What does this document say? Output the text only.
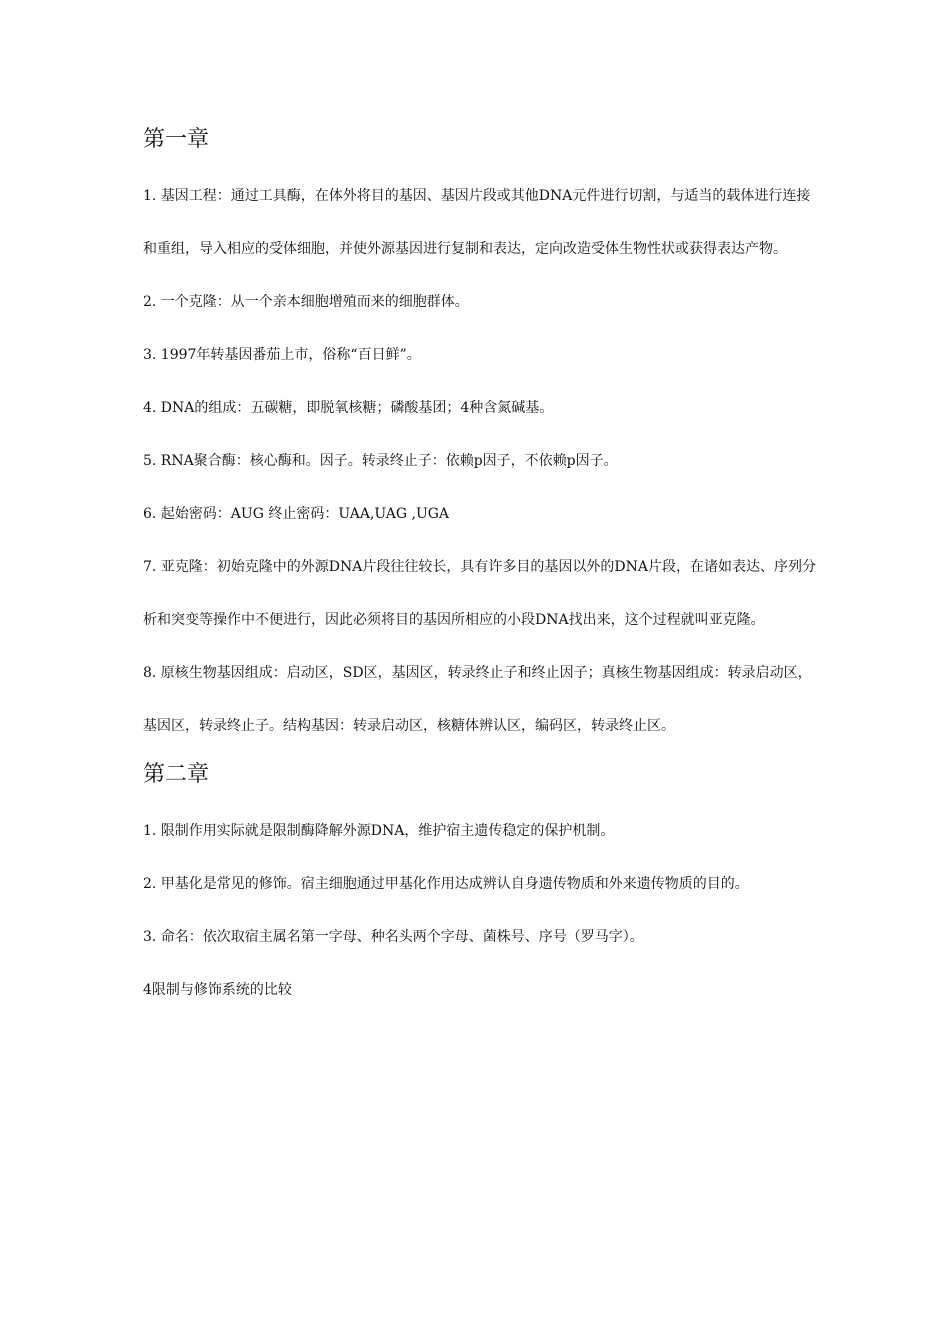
第一章

1. 基因工程：通过工具酶，在体外将目的基因、基因片段或其他DNA元件进行切割，与适当的载体进行连接和重组，导入相应的受体细胞，并使外源基因进行复制和表达，定向改造受体生物性状或获得表达产物。

2. 一个克隆：从一个亲本细胞增殖而来的细胞群体。

3. 1997年转基因番茄上市，俗称“百日鲜”。

4. DNA的组成：五碳糖，即脱氧核糖；磷酸基团；4种含氮碱基。

5. RNA聚合酶：核心酶和。因子。转录终止子：依赖p因子，不依赖p因子。

6. 起始密码：AUG 终止密码：UAA,UAG ,UGA

7. 亚克隆：初始克隆中的外源DNA片段往往较长，具有许多目的基因以外的DNA片段，在诸如表达、序列分析和突变等操作中不便进行，因此必须将目的基因所相应的小段DNA找出来，这个过程就叫亚克隆。

8. 原核生物基因组成：启动区，SD区，基因区，转录终止子和终止因子；真核生物基因组成：转录启动区，基因区，转录终止子。结构基因：转录启动区，核糖体辨认区，编码区，转录终止区。

第二章

1. 限制作用实际就是限制酶降解外源DNA，维护宿主遗传稳定的保护机制。

2. 甲基化是常见的修饰。宿主细胞通过甲基化作用达成辨认自身遗传物质和外来遗传物质的目的。

3. 命名：依次取宿主属名第一字母、种名头两个字母、菌株号、序号（罗马字）。

4限制与修饰系统的比较
